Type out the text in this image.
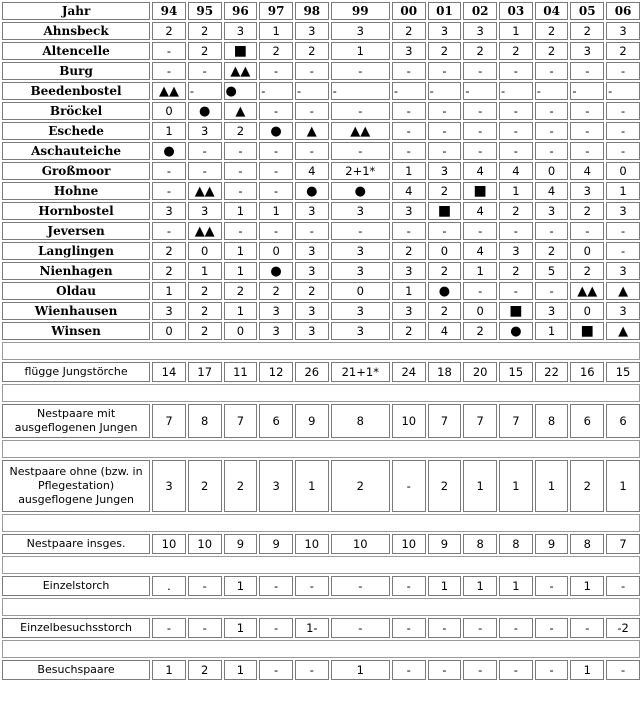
Jahr	94	95	96	97	98	99	00	01	02	03	04	05	06
Ahnsbeck	2	2	3	1	3	3	2	3	3	1	2	2	3
Altencelle	-	2	■	2	2	1	3	2	2	2	2	3	2
Burg	-	-	▲▲	-	-	-	-	-	-	-	-	-	-
Beedenbostel	▲▲	-	●	-	-	-	-	-	-	-	-	-	-
Bröckel	0	●	▲	-	-	-	-	-	-	-	-	-	-
Eschede	1	3	2	●	▲	▲▲	-	-	-	-	-	-	-
Aschauteiche	●	-	-	-	-	-	-	-	-	-	-	-	-
Großmoor	-	-	-	-	4	2+1*	1	3	4	4	0	4	0
Hohne	-	▲▲	-	-	●	●	4	2	■	1	4	3	1
Hornbostel	3	3	1	1	3	3	3	■	4	2	3	2	3
Jeversen	-	▲▲	-	-	-	-	-	-	-	-	-	-	-
Langlingen	2	0	1	0	3	3	2	0	4	3	2	0	-
Nienhagen	2	1	1	●	3	3	3	2	1	2	5	2	3
Oldau	1	2	2	2	2	0	1	●	-	-	-	▲▲	▲
Wienhausen	3	2	1	3	3	3	3	2	0	■	3	0	3
Winsen	0	2	0	3	3	3	2	4	2	●	1	■	▲

flügge Jungstörche	14	17	11	12	26	21+1*	24	18	20	15	22	16	15

Nestpaare mit ausgeflogenen Jungen	7	8	7	6	9	8	10	7	7	7	8	6	6

Nestpaare ohne (bzw. in Pflegestation) ausgeflogene Jungen	3	2	2	3	1	2	-	2	1	1	1	2	1

Nestpaare insges.	10	10	9	9	10	10	10	9	8	8	9	8	7

Einzelstorch	.	-	1	-	-	-	-	1	1	1	-	1	-

Einzelbesuchsstorch	-	-	1	-	1-	-	-	-	-	-	-	-	-2

Besuchspaare	1	2	1	-	-	1	-	-	-	-	-	1	-
